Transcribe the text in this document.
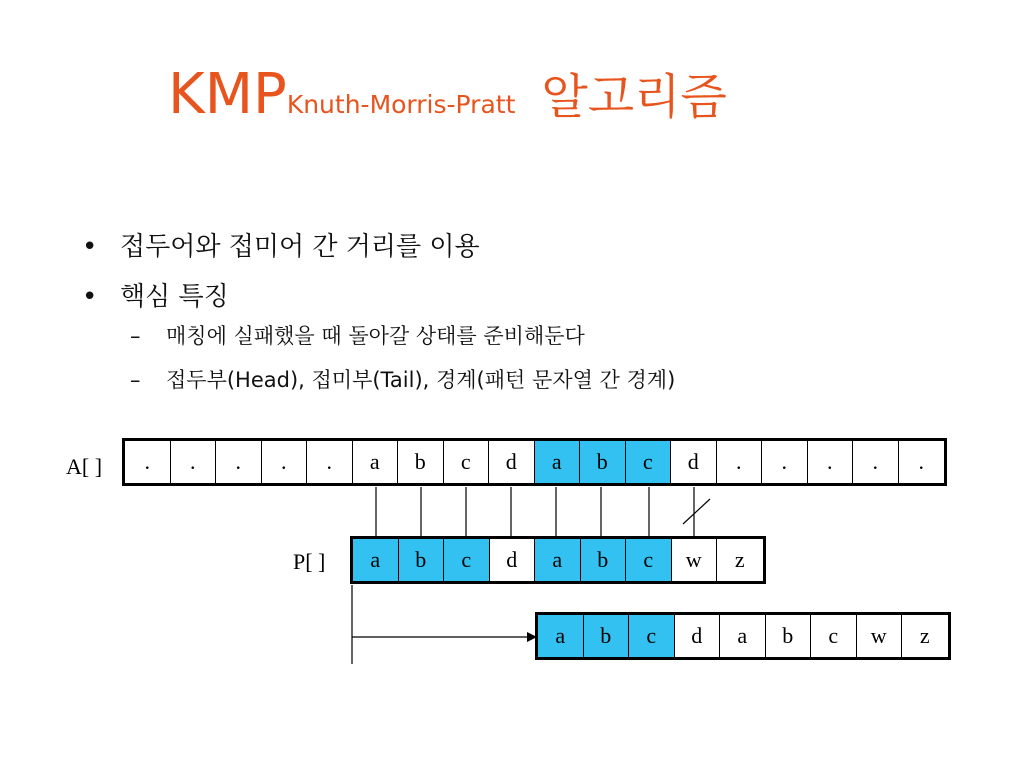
KMPKnuth-Morris-Pratt 알고리즘
• 접두어와 접미어 간 거리를 이용
• 핵심 특징
– 매칭에 실패했을 때 돌아갈 상태를 준비해둔다
– 접두부(Head), 접미부(Tail), 경계(패턴 문자열 간 경계)
A[ ]	.	.	.	.	.	a	b	c	d	a	b	c	d	.	.	.	.	.
P[ ]	a	b	c	d	a	b	c	w	z
a	b	c	d	a	b	c	w	z
